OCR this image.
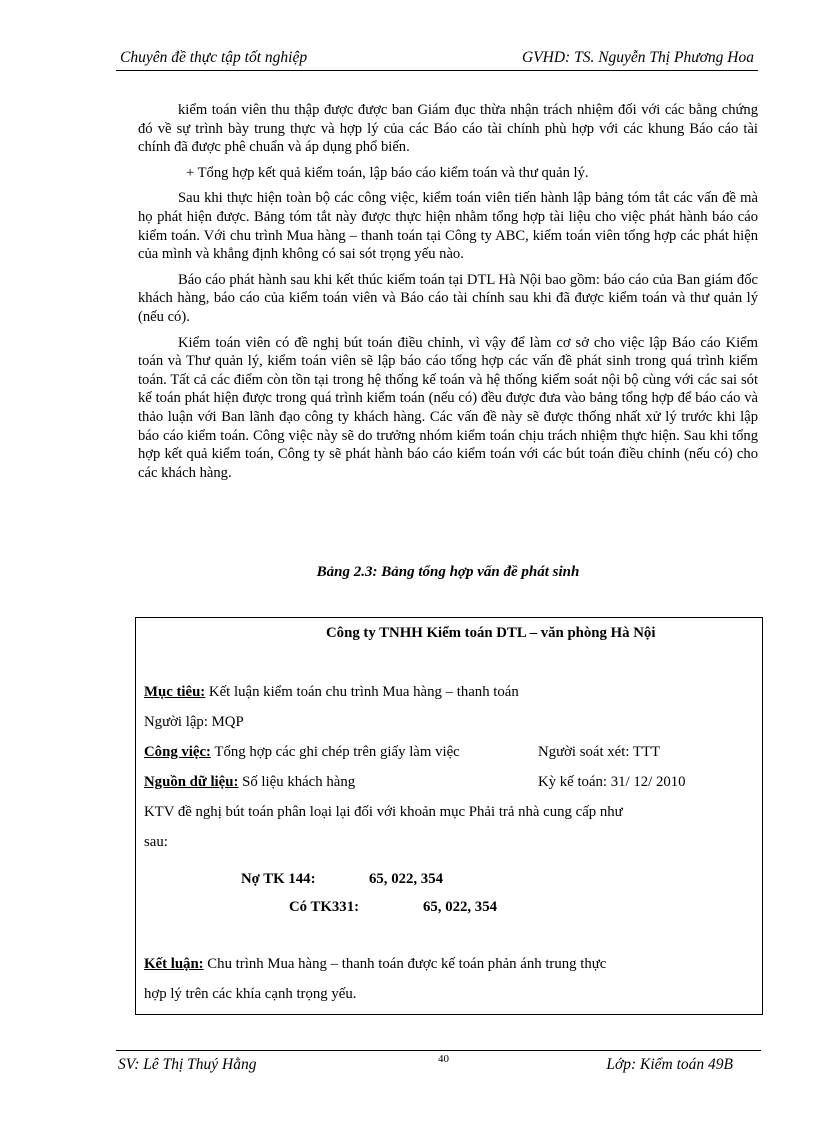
Chuyên đề thực tập tốt nghiệp	GVHD: TS. Nguyễn Thị Phương Hoa

kiểm toán viên thu thập được được ban Giám đục thừa nhận trách nhiệm đối với các bằng chứng đó về sự trình bày trung thực và hợp lý của các Báo cáo tài chính phù hợp với các khung Báo cáo tài chính đã được phê chuẩn và áp dụng phổ biến.

+ Tổng hợp kết quả kiểm toán, lập báo cáo kiểm toán và thư quản lý.

Sau khi thực hiện toàn bộ các công việc, kiểm toán viên tiến hành lập bảng tóm tắt các vấn đề mà họ phát hiện được. Bảng tóm tắt này được thực hiện nhằm tổng hợp tài liệu cho việc phát hành báo cáo kiểm toán. Với chu trình Mua hàng – thanh toán tại Công ty ABC, kiểm toán viên tổng hợp các phát hiện của mình và khẳng định không có sai sót trọng yếu nào.

Báo cáo phát hành sau khi kết thúc kiểm toán tại DTL Hà Nội bao gồm: báo cáo của Ban giám đốc khách hàng, báo cáo của kiểm toán viên và Báo cáo tài chính sau khi đã được kiểm toán và thư quản lý (nếu có).

Kiểm toán viên có đề nghị bút toán điều chỉnh, vì vậy để làm cơ sở cho việc lập Báo cáo Kiểm toán và Thư quản lý, kiểm toán viên sẽ lập báo cáo tổng hợp các vấn đề phát sinh trong quá trình kiểm toán. Tất cả các điểm còn tồn tại trong hệ thống kế toán và hệ thống kiểm soát nội bộ cùng với các sai sót kế toán phát hiện được trong quá trình kiểm toán (nếu có) đều được đưa vào bảng tổng hợp để báo cáo và thảo luận với Ban lãnh đạo công ty khách hàng. Các vấn đề này sẽ được thống nhất xử lý trước khi lập báo cáo kiểm toán. Công việc này sẽ do trưởng nhóm kiểm toán chịu trách nhiệm thực hiện. Sau khi tổng hợp kết quả kiểm toán, Công ty sẽ phát hành báo cáo kiểm toán với các bút toán điều chỉnh (nếu có) cho các khách hàng.

Bảng 2.3: Bảng tổng hợp vấn đề phát sinh
Công ty TNHH Kiểm toán DTL – văn phòng Hà Nội
Mục tiêu: Kết luận kiểm toán chu trình Mua hàng – thanh toán
Người lập: MQP
Công việc: Tổng hợp các ghi chép trên giấy làm việc	Người soát xét: TTT
Nguồn dữ liệu: Số liệu khách hàng	Kỳ kế toán: 31/ 12/ 2010
KTV đề nghị bút toán phân loại lại đối với khoản mục Phải trả nhà cung cấp như
sau:
Nợ TK 144:	65, 022, 354
Có TK331:	65, 022, 354
Kết luận: Chu trình Mua hàng – thanh toán được kế toán phản ánh trung thực
hợp lý trên các khía cạnh trọng yếu.
SV: Lê Thị Thuý Hằng	40	Lớp: Kiểm toán 49B
